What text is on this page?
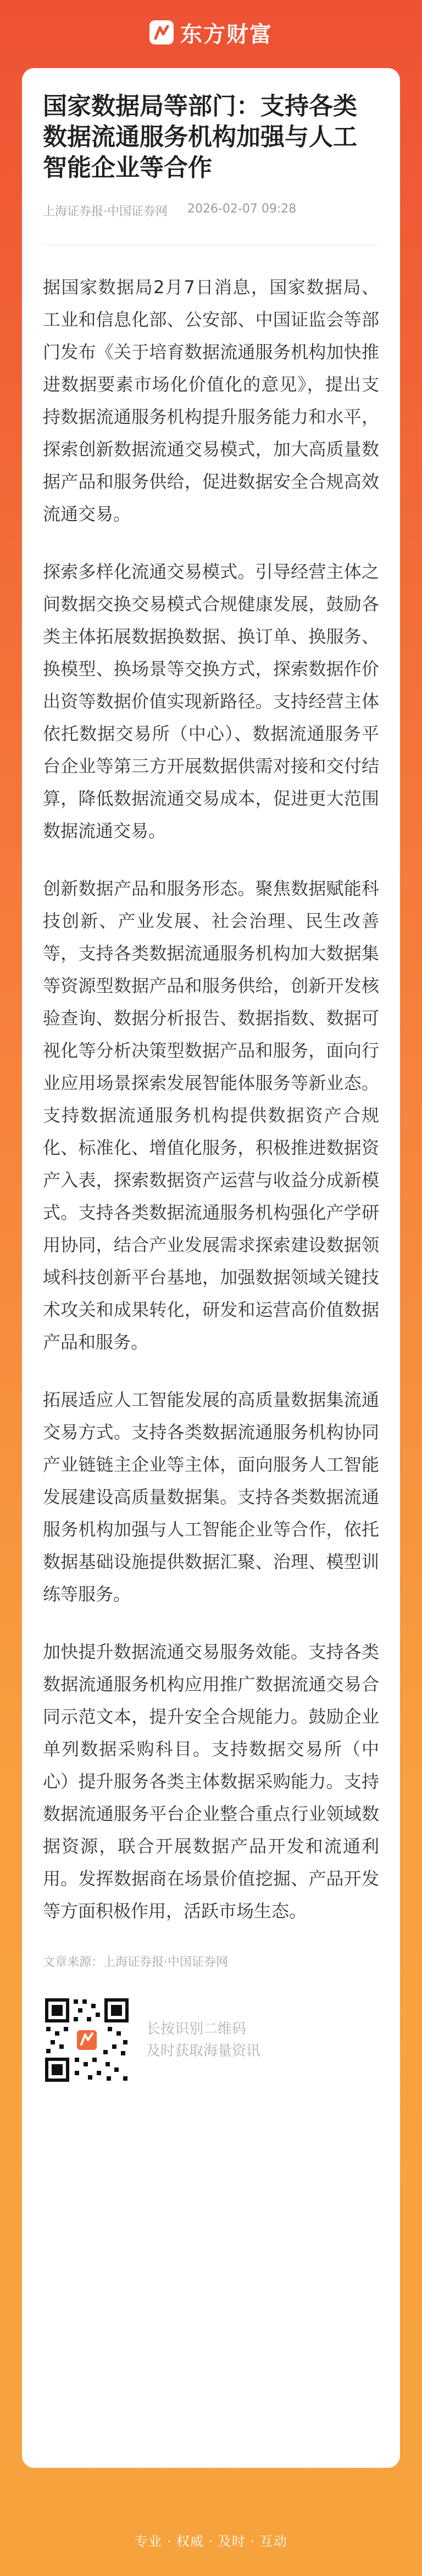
东方财富
国家数据局等部门：支持各类数据流通服务机构加强与人工智能企业等合作
上海证券报·中国证券网 2026-02-07 09:28

据国家数据局2月7日消息，国家数据局、工业和信息化部、公安部、中国证监会等部门发布《关于培育数据流通服务机构加快推进数据要素市场化价值化的意见》，提出支持数据流通服务机构提升服务能力和水平，探索创新数据流通交易模式，加大高质量数据产品和服务供给，促进数据安全合规高效流通交易。

探索多样化流通交易模式。引导经营主体之间数据交换交易模式合规健康发展，鼓励各类主体拓展数据换数据、换订单、换服务、换模型、换场景等交换方式，探索数据作价出资等数据价值实现新路径。支持经营主体依托数据交易所（中心）、数据流通服务平台企业等第三方开展数据供需对接和交付结算，降低数据流通交易成本，促进更大范围数据流通交易。

创新数据产品和服务形态。聚焦数据赋能科技创新、产业发展、社会治理、民生改善等，支持各类数据流通服务机构加大数据集等资源型数据产品和服务供给，创新开发核验查询、数据分析报告、数据指数、数据可视化等分析决策型数据产品和服务，面向行业应用场景探索发展智能体服务等新业态。支持数据流通服务机构提供数据资产合规化、标准化、增值化服务，积极推进数据资产入表，探索数据资产运营与收益分成新模式。支持各类数据流通服务机构强化产学研用协同，结合产业发展需求探索建设数据领域科技创新平台基地，加强数据领域关键技术攻关和成果转化，研发和运营高价值数据产品和服务。

拓展适应人工智能发展的高质量数据集流通交易方式。支持各类数据流通服务机构协同产业链链主企业等主体，面向服务人工智能发展建设高质量数据集。支持各类数据流通服务机构加强与人工智能企业等合作，依托数据基础设施提供数据汇聚、治理、模型训练等服务。

加快提升数据流通交易服务效能。支持各类数据流通服务机构应用推广数据流通交易合同示范文本，提升安全合规能力。鼓励企业单列数据采购科目。支持数据交易所（中心）提升服务各类主体数据采购能力。支持数据流通服务平台企业整合重点行业领域数据资源，联合开展数据产品开发和流通利用。发挥数据商在场景价值挖掘、产品开发等方面积极作用，活跃市场生态。

文章来源：上海证券报·中国证券网
长按识别二维码
及时获取海量资讯
专业 · 权威 · 及时 · 互动
